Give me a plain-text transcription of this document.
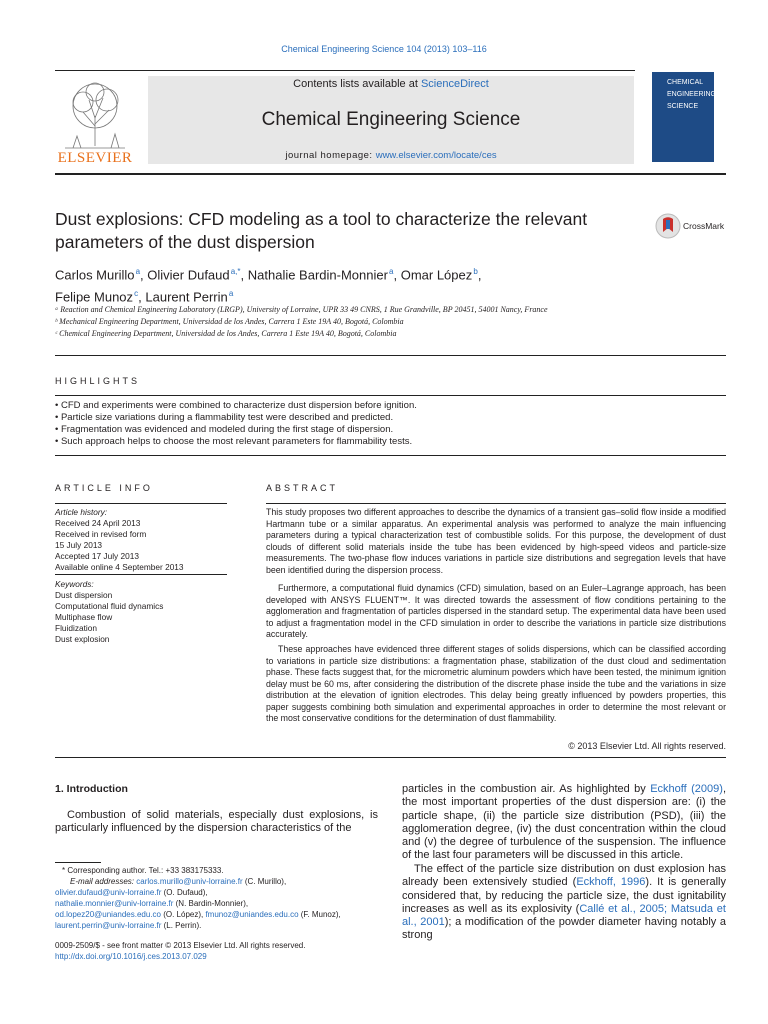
Chemical Engineering Science 104 (2013) 103–116
ELSEVIER
Contents lists available at ScienceDirect
Chemical Engineering Science
journal homepage: www.elsevier.com/locate/ces
CHEMICAL
ENGINEERING
SCIENCE
Dust explosions: CFD modeling as a tool to characterize the relevant
parameters of the dust dispersion
CrossMark
Carlos Murillo $^a$, Olivier Dufaud $^{a,*}$, Nathalie Bardin-Monnier $^a$, Omar López $^b$,
Felipe Munoz $^c$, Laurent Perrin $^a$
ᵃ Reaction and Chemical Engineering Laboratory (LRGP), University of Lorraine, UPR 33 49 CNRS, 1 Rue Grandville, BP 20451, 54001 Nancy, France
ᵇ Mechanical Engineering Department, Universidad de los Andes, Carrera 1 Este 19A 40, Bogotá, Colombia
ᶜ Chemical Engineering Department, Universidad de los Andes, Carrera 1 Este 19A 40, Bogotá, Colombia
HIGHLIGHTS
• CFD and experiments were combined to characterize dust dispersion before ignition.
• Particle size variations during a flammability test were described and predicted.
• Fragmentation was evidenced and modeled during the first stage of dispersion.
• Such approach helps to choose the most relevant parameters for flammability tests.
ARTICLE INFO
Article history:
Received 24 April 2013
Received in revised form
15 July 2013
Accepted 17 July 2013
Available online 4 September 2013
Keywords:
Dust dispersion
Computational fluid dynamics
Multiphase flow
Fluidization
Dust explosion
ABSTRACT
This study proposes two different approaches to describe the dynamics of a transient gas–solid flow inside a modified Hartmann tube or a similar apparatus. An experimental analysis was performed to analyze the main influencing parameters during a typical characterization test of combustible solids. For this purpose, the development of dust clouds of different solid materials inside the tube has been evidenced by high-speed videos and particle-size measurements. The two-phase flow induces variations in particle size distributions and segregation levels that have been identified during the dispersion process.
Furthermore, a computational fluid dynamics (CFD) simulation, based on an Euler–Lagrange approach, has been developed with ANSYS FLUENT™. It was directed towards the assessment of flow conditions pertaining to the agglomeration and fragmentation of particles dispersed in the standard setup. The experimental data have been used to adjust a fragmentation model in the CFD simulation in order to describe the variations in particle size distributions accurately.
These approaches have evidenced three different stages of solids dispersions, which can be classified according to variations in particle size distributions: a fragmentation phase, stabilization of the dust cloud and sedimentation phase. These facts suggest that, for the micrometric aluminum powders which have been tested, the minimum ignition delay must be 60 ms, after considering the distribution of the discrete phase inside the tube and the variations in size distribution at the elevation of ignition electrodes. This delay being greatly influenced by powders properties, this paper suggests combining both simulation and experimental approaches in order to determine the most relevant or the most conservative conditions for the determination of dust flammability.
© 2013 Elsevier Ltd. All rights reserved.
1. Introduction
Combustion of solid materials, especially dust explosions, is particularly influenced by the dispersion characteristics of the
particles in the combustion air. As highlighted by Eckhoff (2009), the most important properties of the dust dispersion are: (i) the particle shape, (ii) the particle size distribution (PSD), (iii) the agglomeration degree, (iv) the dust concentration within the cloud and (v) the degree of turbulence of the suspension. The influence of the last four parameters will be discussed in this article.
The effect of the particle size distribution on dust explosion has already been extensively studied (Eckhoff, 1996). It is generally considered that, by reducing the particle size, the dust ignitability increases as well as its explosivity (Callé et al., 2005; Matsuda et al., 2001); a modification of the powder diameter having notably a strong
* Corresponding author. Tel.: +33 383175333.
E-mail addresses: carlos.murillo@univ-lorraine.fr (C. Murillo),
olivier.dufaud@univ-lorraine.fr (O. Dufaud),
nathalie.monnier@univ-lorraine.fr (N. Bardin-Monnier),
od.lopez20@uniandes.edu.co (O. López), fmunoz@uniandes.edu.co (F. Munoz),
laurent.perrin@univ-lorraine.fr (L. Perrin).
0009-2509/$ - see front matter © 2013 Elsevier Ltd. All rights reserved.
http://dx.doi.org/10.1016/j.ces.2013.07.029
